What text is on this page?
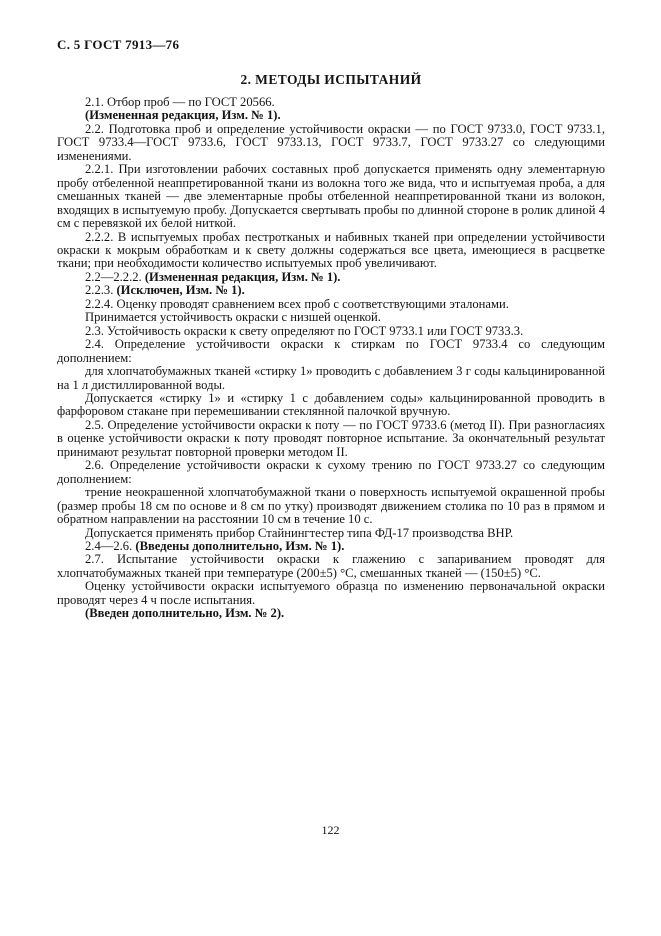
С. 5 ГОСТ 7913—76
2. МЕТОДЫ ИСПЫТАНИЙ

2.1. Отбор проб — по ГОСТ 20566.

(Измененная редакция, Изм. № 1).

2.2. Подготовка проб и определение устойчивости окраски — по ГОСТ 9733.0, ГОСТ 9733.1, ГОСТ 9733.4—ГОСТ 9733.6, ГОСТ 9733.13, ГОСТ 9733.7, ГОСТ 9733.27 со следующими изменениями.

2.2.1. При изготовлении рабочих составных проб допускается применять одну элементарную пробу отбеленной неаппретированной ткани из волокна того же вида, что и испытуемая проба, а для смешанных тканей — две элементарные пробы отбеленной неаппретированной ткани из волокон, входящих в испытуемую пробу. Допускается свертывать пробы по длинной стороне в ролик длиной 4 см с перевязкой их белой ниткой.

2.2.2. В испытуемых пробах пестротканых и набивных тканей при определении устойчивости окраски к мокрым обработкам и к свету должны содержаться все цвета, имеющиеся в расцветке ткани; при необходимости количество испытуемых проб увеличивают.

2.2—2.2.2. (Измененная редакция, Изм. № 1).

2.2.3. (Исключен, Изм. № 1).

2.2.4. Оценку проводят сравнением всех проб с соответствующими эталонами.

Принимается устойчивость окраски с низшей оценкой.

2.3. Устойчивость окраски к свету определяют по ГОСТ 9733.1 или ГОСТ 9733.3.

2.4. Определение устойчивости окраски к стиркам по ГОСТ 9733.4 со следующим дополнением:

для хлопчатобумажных тканей «стирку 1» проводить с добавлением 3 г соды кальцинированной на 1 л дистиллированной воды.

Допускается «стирку 1» и «стирку 1 с добавлением соды» кальцинированной проводить в фарфоровом стакане при перемешивании стеклянной палочкой вручную.

2.5. Определение устойчивости окраски к поту — по ГОСТ 9733.6 (метод II). При разногласиях в оценке устойчивости окраски к поту проводят повторное испытание. За окончательный результат принимают результат повторной проверки методом II.

2.6. Определение устойчивости окраски к сухому трению по ГОСТ 9733.27 со следующим дополнением:

трение неокрашенной хлопчатобумажной ткани о поверхность испытуемой окрашенной пробы (размер пробы 18 см по основе и 8 см по утку) производят движением столика по 10 раз в прямом и обратном направлении на расстоянии 10 см в течение 10 с.

Допускается применять прибор Стайнингтестер типа ФД-17 производства ВНР.

2.4—2.6. (Введены дополнительно, Изм. № 1).

2.7. Испытание устойчивости окраски к глажению с запариванием проводят для хлопчатобумажных тканей при температуре (200±5) °С, смешанных тканей — (150±5) °С.

Оценку устойчивости окраски испытуемого образца по изменению первоначальной окраски проводят через 4 ч после испытания.

(Введен дополнительно, Изм. № 2).

122
